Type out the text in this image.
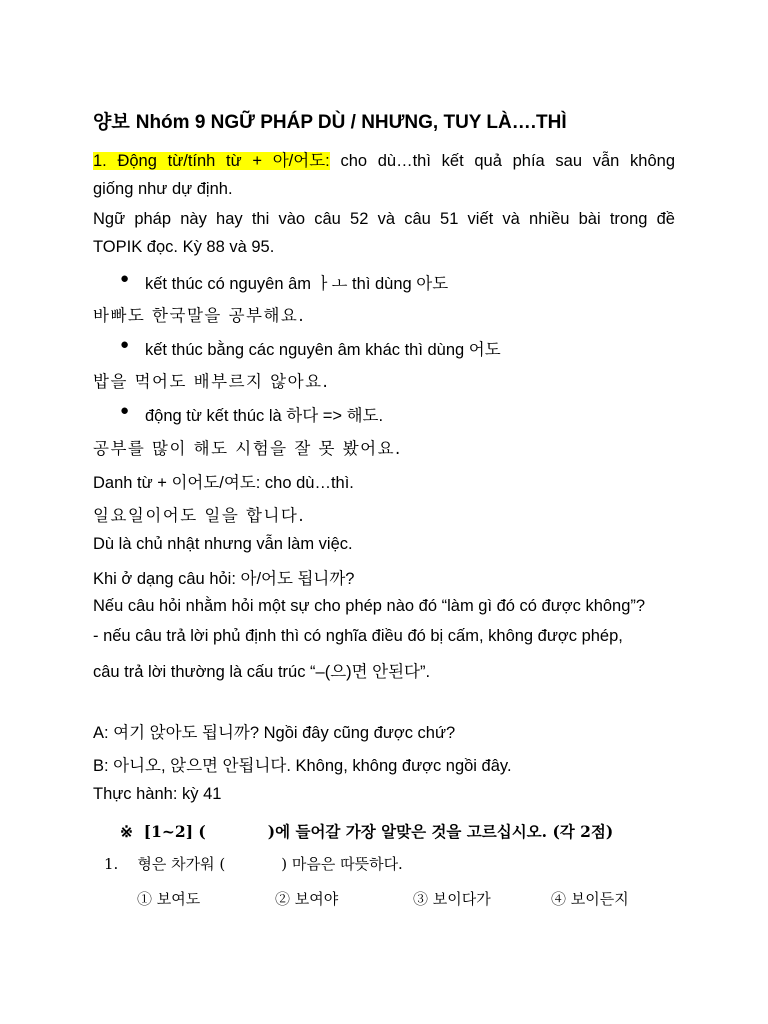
양보 Nhóm 9 NGỮ PHÁP DÙ / NHƯNG, TUY LÀ….THÌ
1. Động từ/tính từ + 아/어도: cho dù…thì kết quả phía sau vẫn không
giống như dự định.
Ngữ pháp này hay thi vào câu 52 và câu 51 viết và nhiều bài trong đề
TOPIK đọc. Kỳ 88 và 95.
● kết thúc có nguyên âm ㅏㅗ thì dùng 아도
바빠도 한국말을 공부해요.
● kết thúc bằng các nguyên âm khác thì dùng 어도
밥을 먹어도 배부르지 않아요.
● động từ kết thúc là 하다 => 해도.
공부를 많이 해도 시험을 잘 못 봤어요.
Danh từ + 이어도/여도: cho dù…thì.
일요일이어도 일을 합니다.
Dù là chủ nhật nhưng vẫn làm việc.
Khi ở dạng câu hỏi: 아/어도 됩니까?
Nếu câu hỏi nhằm hỏi một sự cho phép nào đó “làm gì đó có được không”?
- nếu câu trả lời phủ định thì có nghĩa điều đó bị cấm, không được phép,
câu trả lời thường là cấu trúc “–(으)면 안된다”.
A: 여기 앉아도 됩니까? Ngồi đây cũng được chứ?
B: 아니오, 앉으면 안됩니다. Không, không được ngồi đây.
Thực hành: kỳ 41
※ [1~2] (	)에 들어갈 가장 알맞은 것을 고르십시오. (각 2점)
1. 형은 차가워 (	) 마음은 따뜻하다.
① 보여도	② 보여야	③ 보이다가	④ 보이든지
